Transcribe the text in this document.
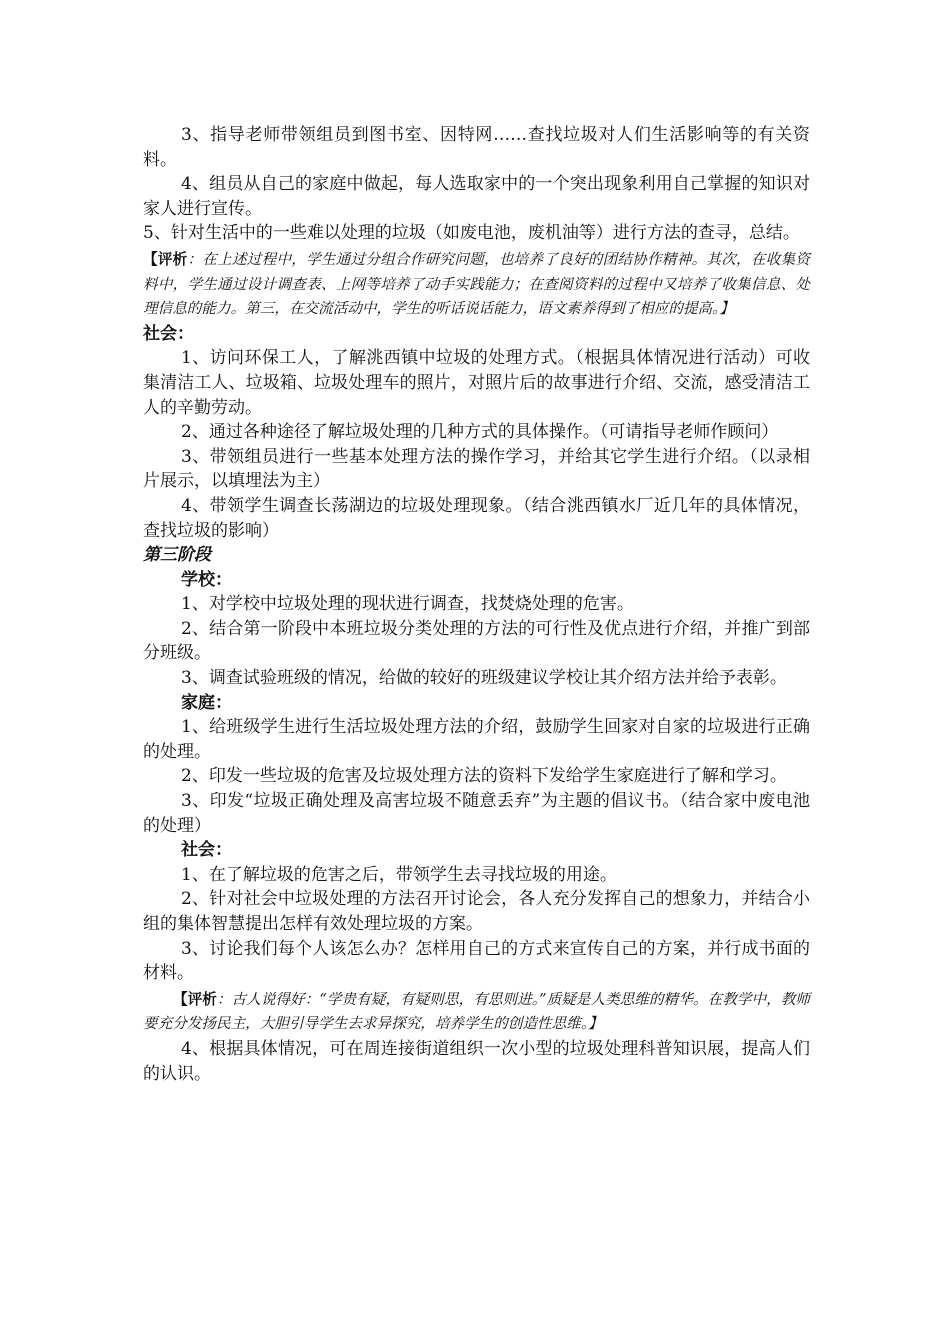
3、指导老师带领组员到图书室、因特网……查找垃圾对人们生活影响等的有关资料。

4、组员从自己的家庭中做起，每人选取家中的一个突出现象利用自己掌握的知识对家人进行宣传。

5、针对生活中的一些难以处理的垃圾（如废电池，废机油等）进行方法的查寻，总结。

【评析：在上述过程中，学生通过分组合作研究问题，也培养了良好的团结协作精神。其次，在收集资料中，学生通过设计调查表、上网等培养了动手实践能力；在查阅资料的过程中又培养了收集信息、处理信息的能力。第三，在交流活动中，学生的听话说话能力，语文素养得到了相应的提高。】

社会：

1、访问环保工人，了解洮西镇中垃圾的处理方式。（根据具体情况进行活动）可收集清洁工人、垃圾箱、垃圾处理车的照片，对照片后的故事进行介绍、交流，感受清洁工人的辛勤劳动。

2、通过各种途径了解垃圾处理的几种方式的具体操作。（可请指导老师作顾问）

3、带领组员进行一些基本处理方法的操作学习，并给其它学生进行介绍。（以录相片展示，以填埋法为主）

4、带领学生调查长荡湖边的垃圾处理现象。（结合洮西镇水厂近几年的具体情况，查找垃圾的影响）

第三阶段

学校：

1、对学校中垃圾处理的现状进行调查，找焚烧处理的危害。

2、结合第一阶段中本班垃圾分类处理的方法的可行性及优点进行介绍，并推广到部分班级。

3、调查试验班级的情况，给做的较好的班级建议学校让其介绍方法并给予表彰。

家庭：

1、给班级学生进行生活垃圾处理方法的介绍，鼓励学生回家对自家的垃圾进行正确的处理。

2、印发一些垃圾的危害及垃圾处理方法的资料下发给学生家庭进行了解和学习。

3、印发“垃圾正确处理及高害垃圾不随意丢弃”为主题的倡议书。（结合家中废电池的处理）

社会：

1、在了解垃圾的危害之后，带领学生去寻找垃圾的用途。

2、针对社会中垃圾处理的方法召开讨论会，各人充分发挥自己的想象力，并结合小组的集体智慧提出怎样有效处理垃圾的方案。

3、讨论我们每个人该怎么办？怎样用自己的方式来宣传自己的方案，并行成书面的材料。

【评析：古人说得好：“学贵有疑，有疑则思，有思则进。”质疑是人类思维的精华。在教学中，教师要充分发扬民主，大胆引导学生去求异探究，培养学生的创造性思维。】

4、根据具体情况，可在周连接街道组织一次小型的垃圾处理科普知识展，提高人们的认识。
